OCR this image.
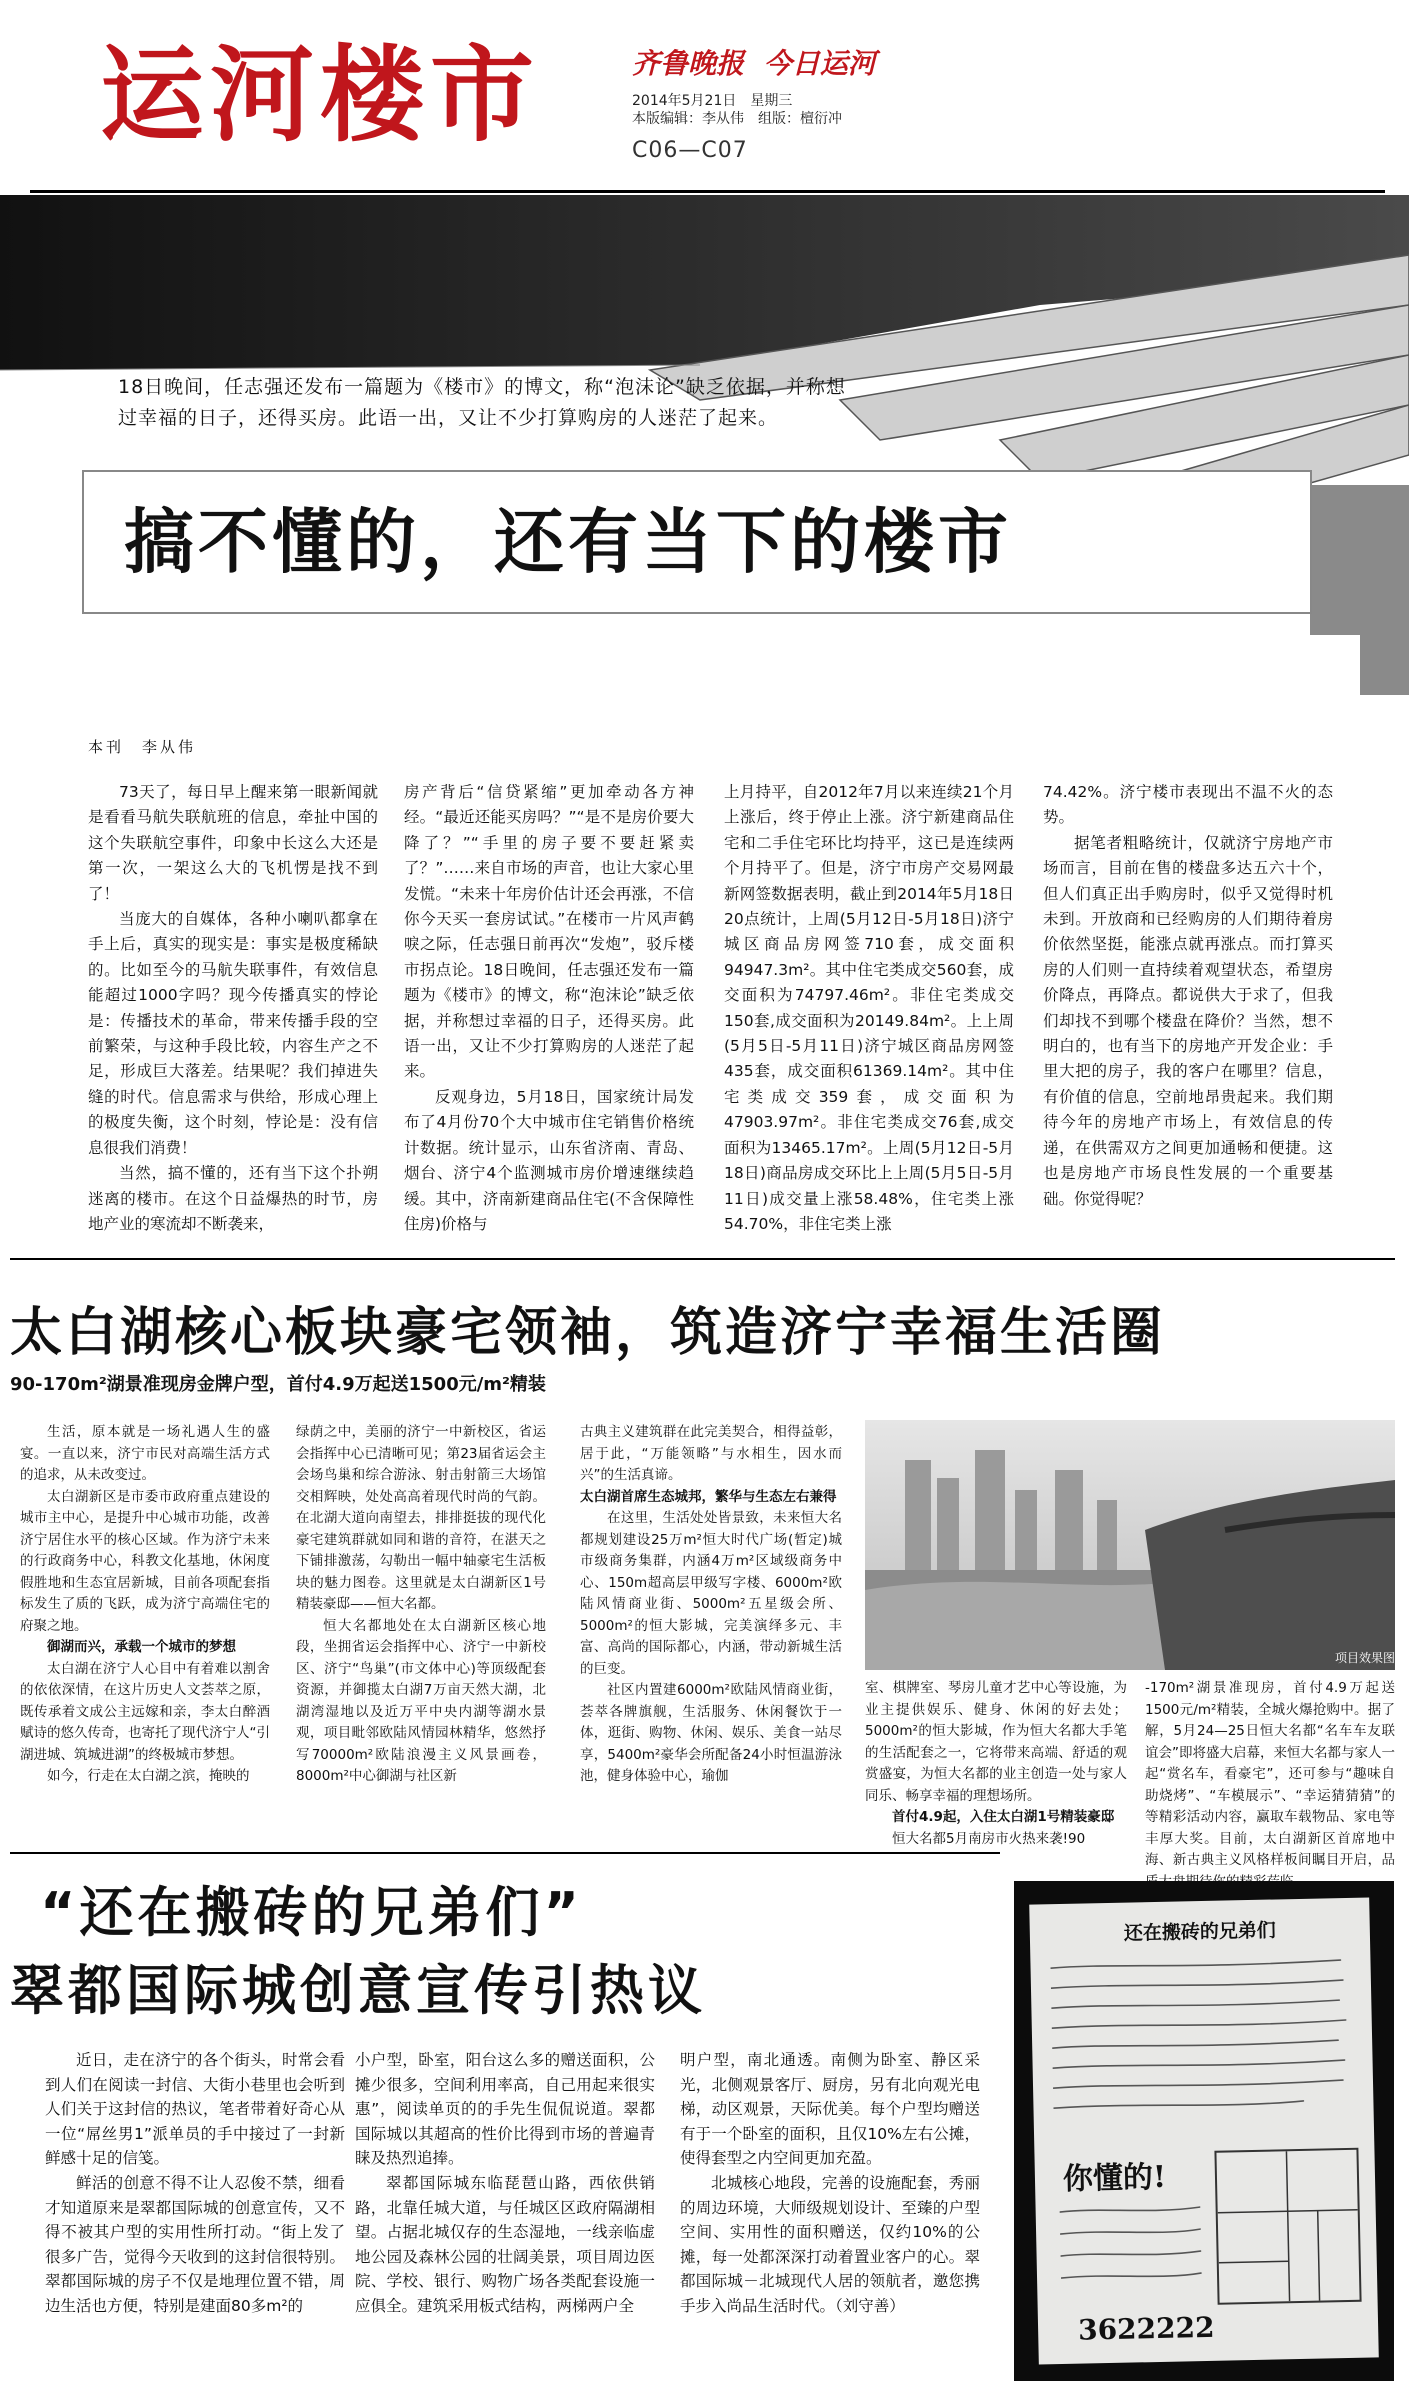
运河楼市	齐鲁晚报 今日运河
2014年5月21日　星期三
本版编辑：李从伟　组版：檀衍冲
C06—C07
18日晚间，任志强还发布一篇题为《楼市》的博文，称“泡沫论”缺乏依据，并称想过幸福的日子，还得买房。此语一出，又让不少打算购房的人迷茫了起来。
搞不懂的，还有当下的楼市
本刊　李从伟

73天了，每日早上醒来第一眼新闻就是看看马航失联航班的信息，牵扯中国的这个失联航空事件，印象中长这么大还是第一次，一架这么大的飞机愣是找不到了！

当庞大的自媒体，各种小喇叭都拿在手上后，真实的现实是：事实是极度稀缺的。比如至今的马航失联事件，有效信息能超过1000字吗？现今传播真实的悖论是：传播技术的革命，带来传播手段的空前繁荣，与这种手段比较，内容生产之不足，形成巨大落差。结果呢？我们掉进失缝的时代。信息需求与供给，形成心理上的极度失衡，这个时刻，悖论是：没有信息很我们消费！

当然，搞不懂的，还有当下这个扑朔迷离的楼市。在这个日益爆热的时节，房地产业的寒流却不断袭来，

房产背后“信贷紧缩”更加牵动各方神经。“最近还能买房吗？”“是不是房价要大降了？”“手里的房子要不要赶紧卖了？”……来自市场的声音，也让大家心里发慌。“未来十年房价估计还会再涨，不信你今天买一套房试试。”在楼市一片风声鹤唳之际，任志强日前再次“发炮”，驳斥楼市拐点论。18日晚间，任志强还发布一篇题为《楼市》的博文，称“泡沫论”缺乏依据，并称想过幸福的日子，还得买房。此语一出，又让不少打算购房的人迷茫了起来。

反观身边，5月18日，国家统计局发布了4月份70个大中城市住宅销售价格统计数据。统计显示，山东省济南、青岛、烟台、济宁4个监测城市房价增速继续趋缓。其中，济南新建商品住宅(不含保障性住房)价格与

上月持平，自2012年7月以来连续21个月上涨后，终于停止上涨。济宁新建商品住宅和二手住宅环比均持平，这已是连续两个月持平了。但是，济宁市房产交易网最新网签数据表明，截止到2014年5月18日20点统计，上周(5月12日-5月18日)济宁城区商品房网签710套，成交面积94947.3m²。其中住宅类成交560套，成交面积为74797.46m²。非住宅类成交150套,成交面积为20149.84m²。上上周(5月5日-5月11日)济宁城区商品房网签435套，成交面积61369.14m²。其中住宅类成交359套，成交面积为47903.97m²。非住宅类成交76套,成交面积为13465.17m²。上周(5月12日-5月18日)商品房成交环比上上周(5月5日-5月11日)成交量上涨58.48%，住宅类上涨54.70%，非住宅类上涨

74.42%。济宁楼市表现出不温不火的态势。

据笔者粗略统计，仅就济宁房地产市场而言，目前在售的楼盘多达五六十个，但人们真正出手购房时，似乎又觉得时机未到。开放商和已经购房的人们期待着房价依然坚挺，能涨点就再涨点。而打算买房的人们则一直持续着观望状态，希望房价降点，再降点。都说供大于求了，但我们却找不到哪个楼盘在降价？当然，想不明白的，也有当下的房地产开发企业：手里大把的房子，我的客户在哪里？信息，有价值的信息，空前地昂贵起来。我们期待今年的房地产市场上，有效信息的传递，在供需双方之间更加通畅和便捷。这也是房地产市场良性发展的一个重要基础。你觉得呢？

太白湖核心板块豪宅领袖，筑造济宁幸福生活圈
90-170m²湖景准现房金牌户型，首付4.9万起送1500元/m²精装

生活，原本就是一场礼遇人生的盛宴。一直以来，济宁市民对高端生活方式的追求，从未改变过。

太白湖新区是市委市政府重点建设的城市主中心，是提升中心城市功能，改善济宁居住水平的核心区域。作为济宁未来的行政商务中心，科教文化基地，休闲度假胜地和生态宜居新城，目前各项配套指标发生了质的飞跃，成为济宁高端住宅的府聚之地。

御湖而兴，承载一个城市的梦想

太白湖在济宁人心目中有着难以割舍的依依深情，在这片历史人文荟萃之原，既传承着文成公主远嫁和亲，李太白醉酒赋诗的悠久传奇，也寄托了现代济宁人“引湖进城、筑城进湖”的终极城市梦想。

如今，行走在太白湖之滨，掩映的

绿荫之中，美丽的济宁一中新校区，省运会指挥中心已清晰可见；第23届省运会主会场鸟巢和综合游泳、射击射箭三大场馆交相辉映，处处高高着现代时尚的气韵。在北湖大道向南望去，排排挺拔的现代化豪宅建筑群就如同和谐的音符，在湛天之下铺排激荡，勾勒出一幅中轴豪宅生活板块的魅力图卷。这里就是太白湖新区1号精装豪邸——恒大名都。

恒大名都地处在太白湖新区核心地段，坐拥省运会指挥中心、济宁一中新校区、济宁“鸟巢”(市文体中心)等顶级配套资源，并御揽太白湖7万亩天然大湖，北湖湾湿地以及近万平中央内湖等湖水景观，项目毗邻欧陆风情园林精华，悠然抒写70000m²欧陆浪漫主义风景画卷，8000m²中心御湖与社区新

古典主义建筑群在此完美契合，相得益彰，居于此，“万能领略”与水相生，因水而兴”的生活真谛。

太白湖首席生态城邦，繁华与生态左右兼得

在这里，生活处处皆景致，未来恒大名都规划建设25万m²恒大时代广场(暂定)城市级商务集群，内涵4万m²区域级商务中心、150m超高层甲级写字楼、6000m²欧陆风情商业街、5000m²五星级会所、5000m²的恒大影城，完美演绎多元、丰富、高尚的国际都心，内涵，带动新城生活的巨变。

社区内置建6000m²欧陆风情商业街，荟萃各牌旗舰，生活服务、休闲餐饮于一体，逛街、购物、休闲、娱乐、美食一站尽享，5400m²豪华会所配备24小时恒温游泳池，健身体验中心，瑜伽

项目效果图

室、棋牌室、琴房儿童才艺中心等设施，为业主提供娱乐、健身、休闲的好去处；5000m²的恒大影城，作为恒大名都大手笔的生活配套之一，它将带来高端、舒适的观赏盛宴，为恒大名都的业主创造一处与家人同乐、畅享幸福的理想场所。

首付4.9起，入住太白湖1号精装豪邸

恒大名都5月南房市火热来袭!90

-170m²湖景准现房，首付4.9万起送1500元/m²精装，全城火爆抢购中。据了解，5月24—25日恒大名都“名车车友联谊会”即将盛大启幕，来恒大名都与家人一起“赏名车，看豪宅”，还可参与“趣味自助烧烤”、“车模展示”、“幸运猜猜猜”的等精彩活动内容，赢取车载物品、家电等丰厚大奖。目前，太白湖新区首席地中海、新古典主义风格样板间瞩目开启，品

“还在搬砖的兄弟们”
翠都国际城创意宣传引热议

近日，走在济宁的各个街头，时常会看到人们在阅读一封信、大街小巷里也会听到人们关于这封信的热议，笔者带着好奇心从一位“屌丝男1”派单员的手中接过了一封新鲜感十足的信笺。

鲜活的创意不得不让人忍俊不禁，细看才知道原来是翠都国际城的创意宣传，又不得不被其户型的实用性所打动。“街上发了很多广告，觉得今天收到的这封信很特别。翠都国际城的房子不仅是地理位置不错，周边生活也方便，特别是建面80多m²的

小户型，卧室，阳台这么多的赠送面积，公摊少很多，空间利用率高，自己用起来很实惠”，阅读单页的的手先生侃侃说道。翠都国际城以其超高的性价比得到市场的普遍青睐及热烈追捧。

翠都国际城东临琵琶山路，西依供销路，北靠任城大道，与任城区区政府隔湖相望。占据北城仅存的生态湿地，一线亲临虚地公园及森林公园的壮阔美景，项目周边医院、学校、银行、购物广场各类配套设施一应俱全。建筑采用板式结构，两梯两户全

明户型，南北通透。南侧为卧室、静区采光，北侧观景客厅、厨房，另有北向观光电梯，动区观景，天际优美。每个户型均赠送有于一个卧室的面积，且仅10%左右公摊，使得套型之内空间更加充盈。

北城核心地段，完善的设施配套，秀丽的周边环境，大师级规划设计、至臻的户型空间、实用性的面积赠送，仅约10%的公摊，每一处都深深打动着置业客户的心。翠都国际城－北城现代人居的领航者，邀您携手步入尚品生活时代。（刘守善）

还在搬砖的兄弟们
你懂的!
3622222
